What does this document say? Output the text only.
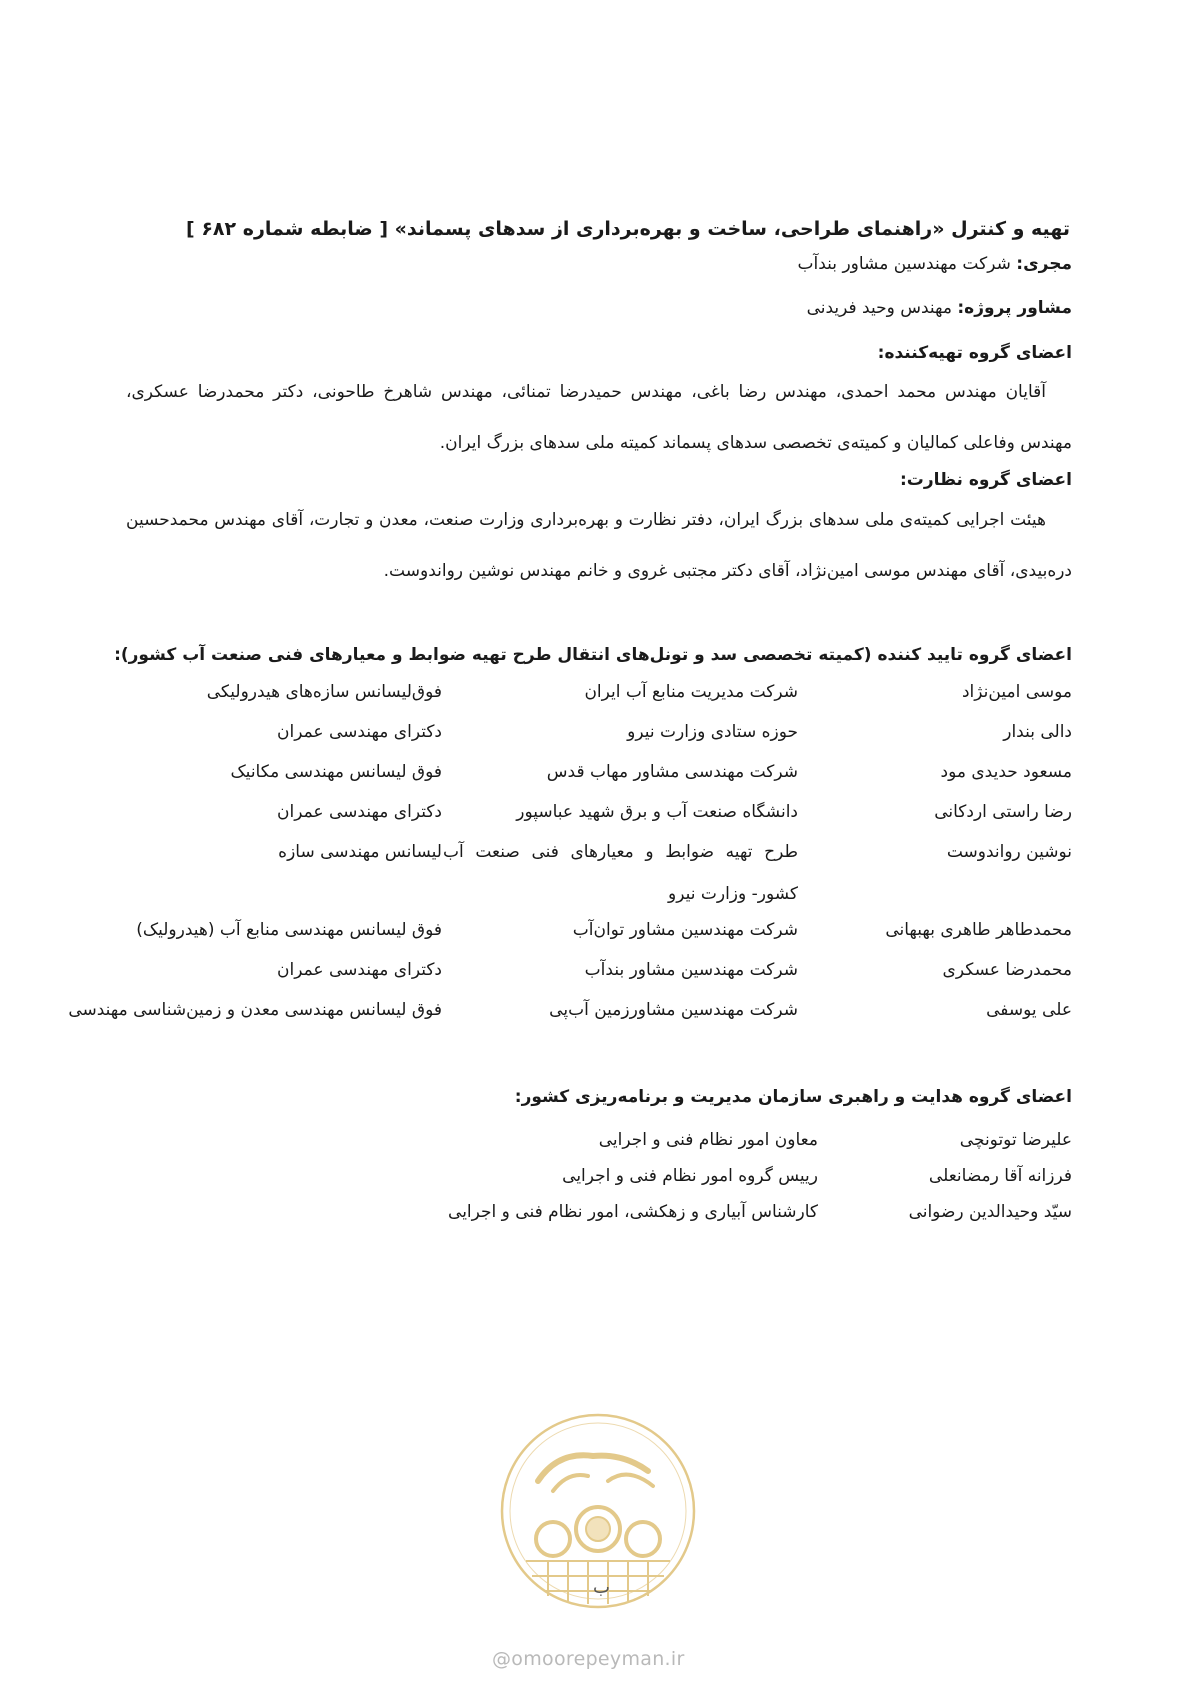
تهیه و کنترل «راهنمای طراحی، ساخت و بهره‌برداری از سدهای پسماند» [ ضابطه شماره ۶۸۲ ]
مجری: شرکت مهندسین مشاور بندآب
مشاور پروژه: مهندس وحید فریدنی
اعضای گروه تهیه‌کننده:
آقایان مهندس محمد احمدی، مهندس رضا باغی، مهندس حمیدرضا تمنائی، مهندس شاهرخ طاحونی، دکتر محمدرضا عسکری، مهندس وفاعلی کمالیان و کمیته‌ی تخصصی سدهای پسماند کمیته ملی سدهای بزرگ ایران.
اعضای گروه نظارت:
هیئت اجرایی کمیته‌ی ملی سدهای بزرگ ایران، دفتر نظارت و بهره‌برداری وزارت صنعت، معدن و تجارت، آقای مهندس محمدحسین دره‌بیدی، آقای مهندس موسی امین‌نژاد، آقای دکتر مجتبی غروی و خانم مهندس نوشین رواندوست.
اعضای گروه تایید کننده (کمیته تخصصی سد و تونل‌های انتقال طرح تهیه ضوابط و معیارهای فنی صنعت آب کشور):
موسی امین‌نژاد
شرکت مدیریت منابع آب ایران
فوق‌لیسانس سازه‌های هیدرولیکی
دالی بندار
حوزه ستادی وزارت نیرو
دکترای مهندسی عمران
مسعود حدیدی مود
شرکت مهندسی مشاور مهاب قدس
فوق لیسانس مهندسی مکانیک
رضا راستی اردکانی
دانشگاه صنعت آب و برق شهید عباسپور
دکترای مهندسی عمران
نوشین رواندوست
طرح تهیه ضوابط و معیارهای فنی صنعت آب کشور- وزارت نیرو
لیسانس مهندسی سازه
محمدطاهر طاهری بهبهانی
شرکت مهندسین مشاور توان‌آب
فوق لیسانس مهندسی منابع آب (هیدرولیک)
محمدرضا عسکری
شرکت مهندسین مشاور بندآب
دکترای مهندسی عمران
علی یوسفی
شرکت مهندسین مشاورزمین آب‌پی
فوق لیسانس مهندسی معدن و زمین‌شناسی مهندسی
اعضای گروه هدایت و راهبری سازمان مدیریت و برنامه‌ریزی کشور:
علیرضا توتونچی
معاون امور نظام فنی و اجرایی
فرزانه آقا رمضانعلی
رییس گروه امور نظام فنی و اجرایی
سیّد وحیدالدین رضوانی
کارشناس آبیاری و زهکشی، امور نظام فنی و اجرایی
ب
@omoorepeyman.ir
